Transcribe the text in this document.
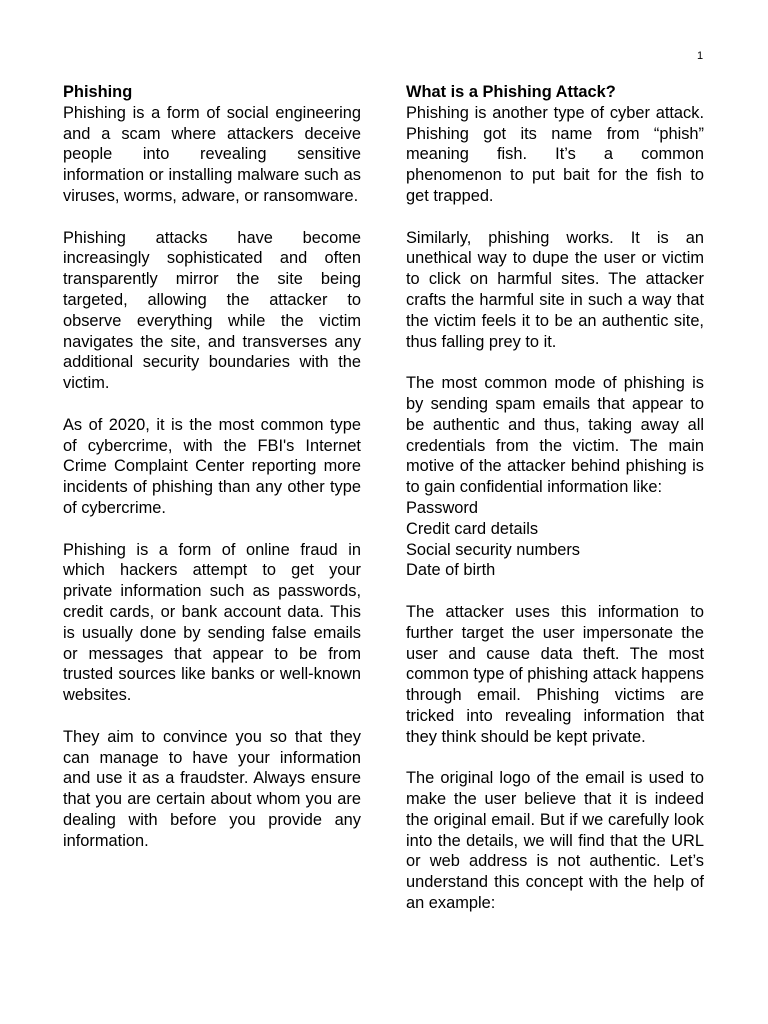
1

Phishing

Phishing is a form of social engineering and a scam where attackers deceive people into revealing sensitive information or installing malware such as viruses, worms, adware, or ransomware.

Phishing attacks have become increasingly sophisticated and often transparently mirror the site being targeted, allowing the attacker to observe everything while the victim navigates the site, and transverses any additional security boundaries with the victim.

As of 2020, it is the most common type of cybercrime, with the FBI's Internet Crime Complaint Center reporting more incidents of phishing than any other type of cybercrime.

Phishing is a form of online fraud in which hackers attempt to get your private information such as passwords, credit cards, or bank account data. This is usually done by sending false emails or messages that appear to be from trusted sources like banks or well-known websites.

They aim to convince you so that they can manage to have your information and use it as a fraudster. Always ensure that you are certain about whom you are dealing with before you provide any information.

What is a Phishing Attack?

Phishing is another type of cyber attack. Phishing got its name from “phish” meaning fish. It’s a common phenomenon to put bait for the fish to get trapped.

Similarly, phishing works. It is an unethical way to dupe the user or victim to click on harmful sites. The attacker crafts the harmful site in such a way that the victim feels it to be an authentic site, thus falling prey to it.

The most common mode of phishing is by sending spam emails that appear to be authentic and thus, taking away all credentials from the victim. The main motive of the attacker behind phishing is to gain confidential information like:

Password
Credit card details
Social security numbers
Date of birth

The attacker uses this information to further target the user impersonate the user and cause data theft. The most common type of phishing attack happens through email. Phishing victims are tricked into revealing information that they think should be kept private.

The original logo of the email is used to make the user believe that it is indeed the original email. But if we carefully look into the details, we will find that the URL or web address is not authentic. Let’s understand this concept with the help of an example:
